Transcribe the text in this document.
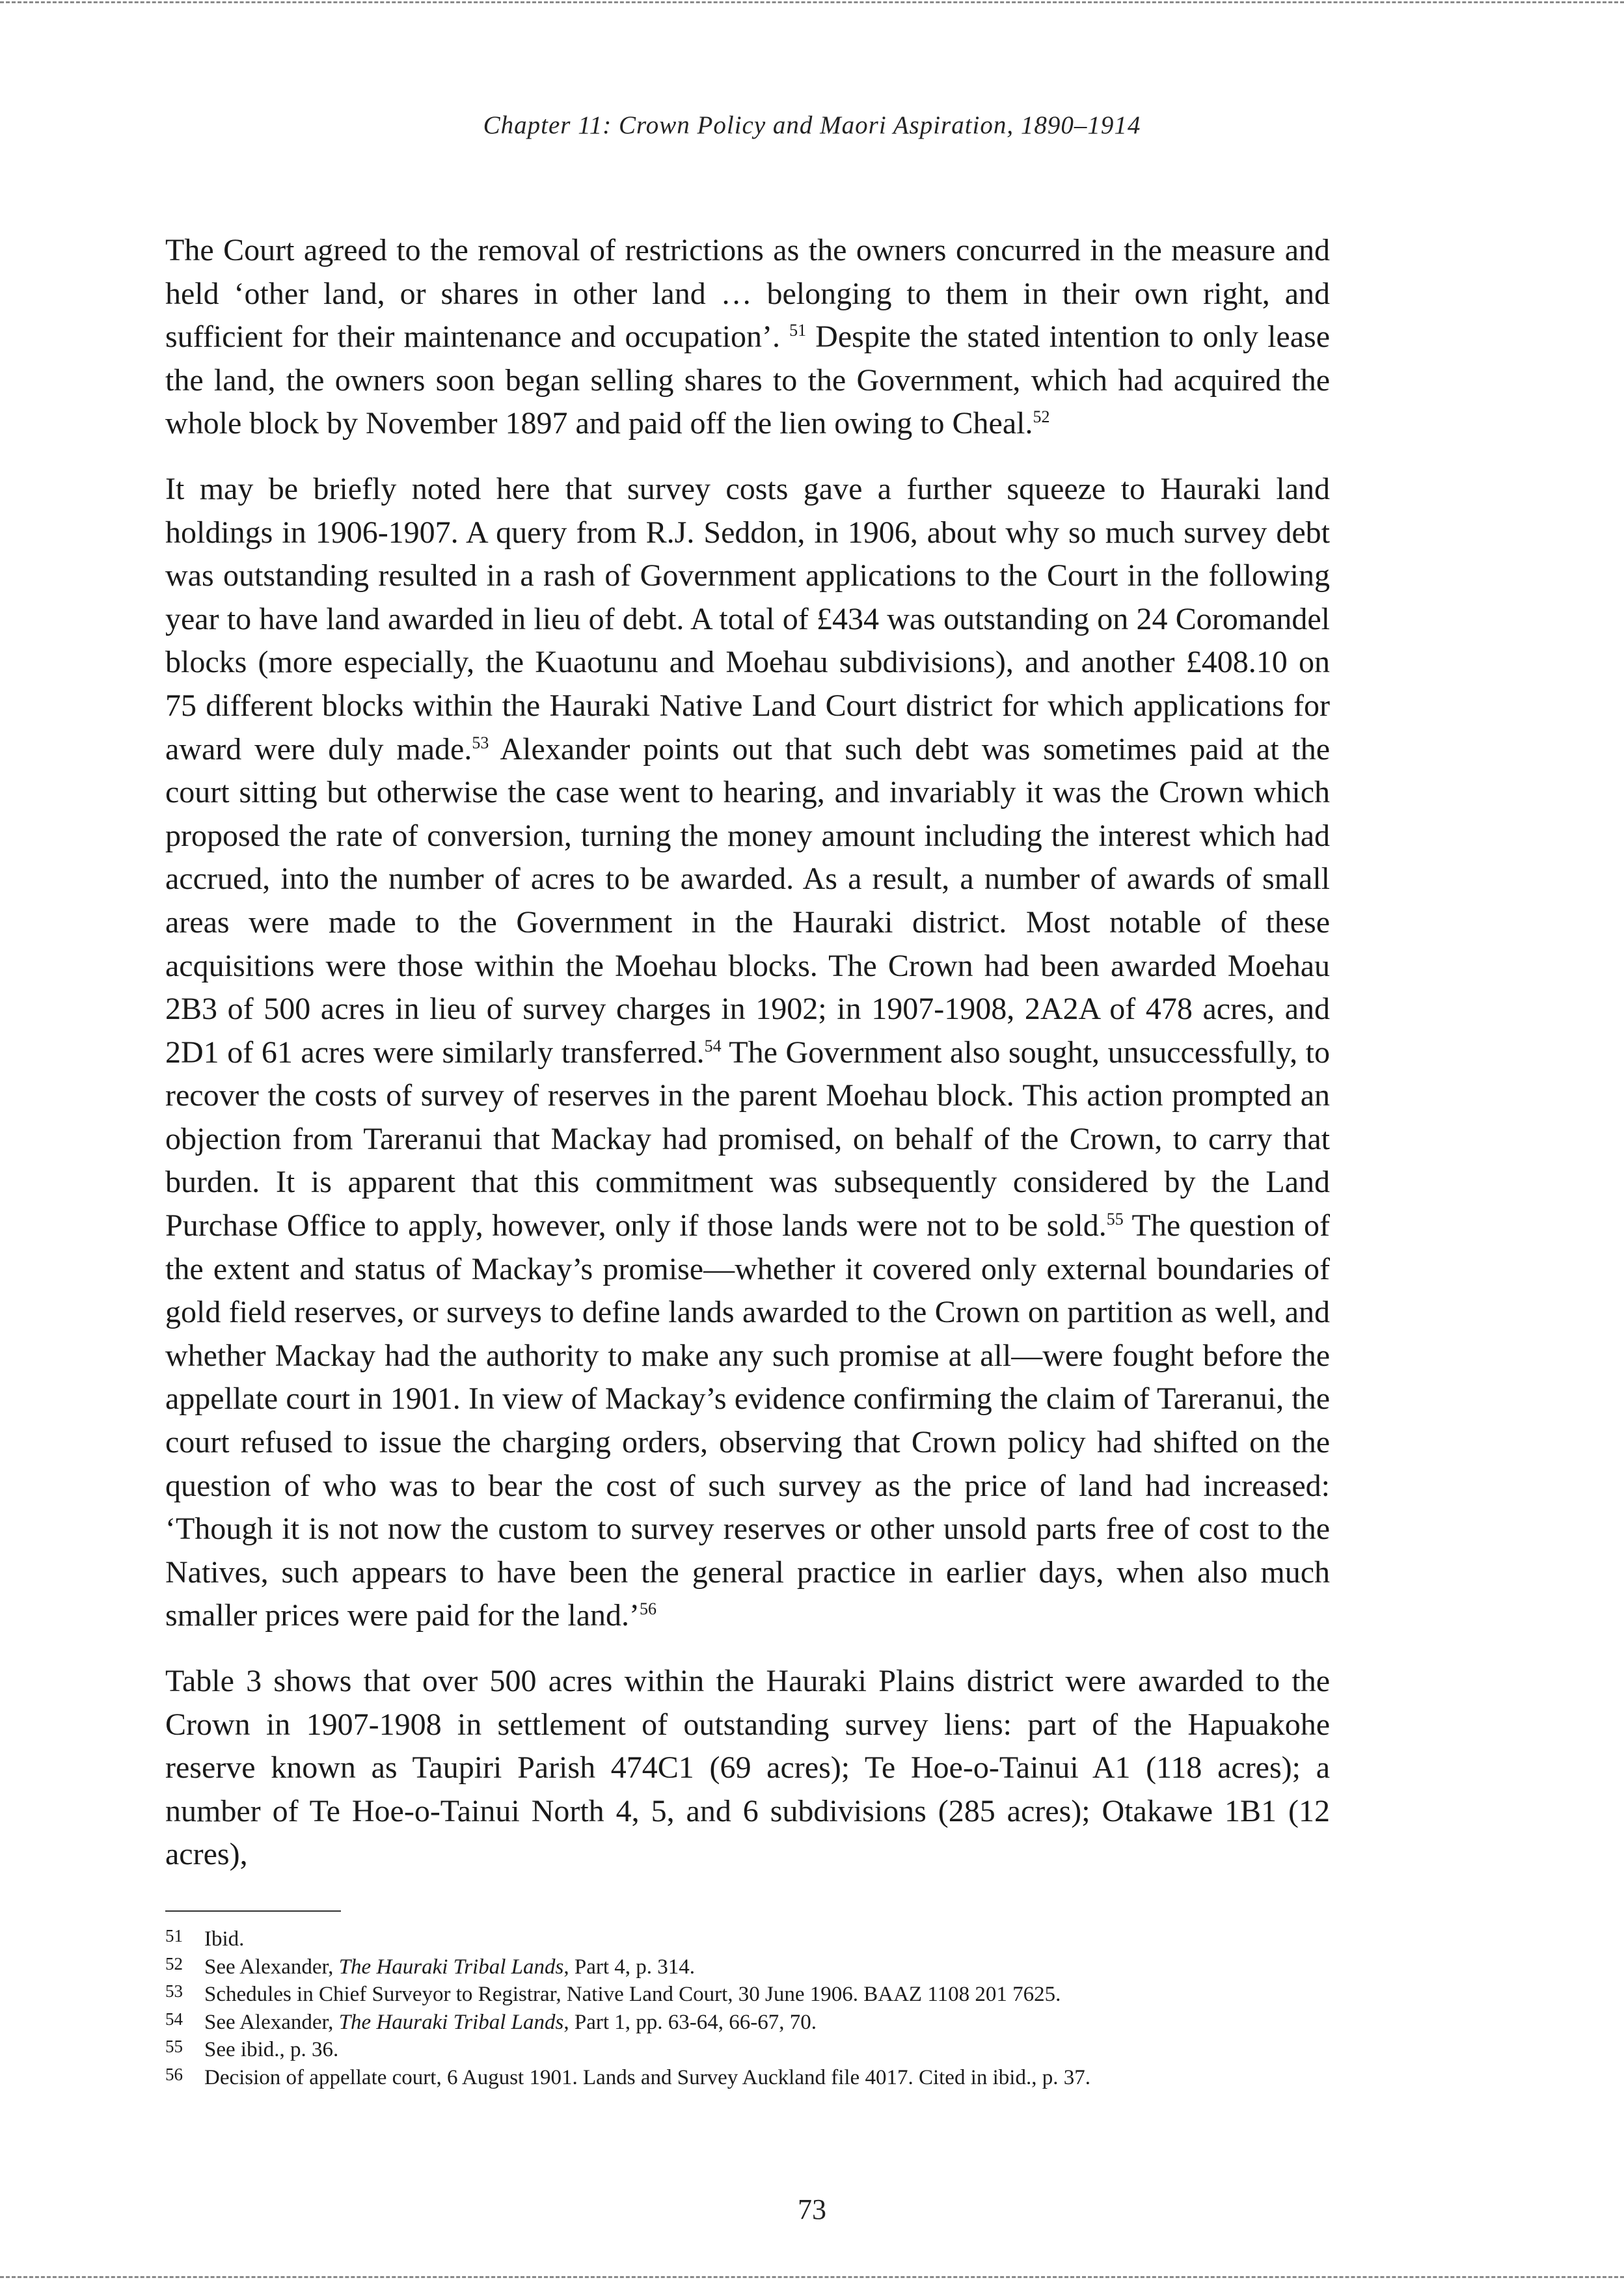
Chapter 11: Crown Policy and Maori Aspiration, 1890–1914

The Court agreed to the removal of restrictions as the owners concurred in the measure and held ‘other land, or shares in other land … belonging to them in their own right, and sufficient for their maintenance and occupation’. $^{51}$ Despite the stated intention to only lease the land, the owners soon began selling shares to the Government, which had acquired the whole block by November 1897 and paid off the lien owing to Cheal.$^{52}$

It may be briefly noted here that survey costs gave a further squeeze to Hauraki land holdings in 1906-1907. A query from R.J. Seddon, in 1906, about why so much survey debt was outstanding resulted in a rash of Government applications to the Court in the following year to have land awarded in lieu of debt. A total of £434 was outstanding on 24 Coromandel blocks (more especially, the Kuaotunu and Moehau subdivisions), and another £408.10 on 75 different blocks within the Hauraki Native Land Court district for which applications for award were duly made.$^{53}$ Alexander points out that such debt was sometimes paid at the court sitting but otherwise the case went to hearing, and invariably it was the Crown which proposed the rate of conversion, turning the money amount including the interest which had accrued, into the number of acres to be awarded. As a result, a number of awards of small areas were made to the Government in the Hauraki district. Most notable of these acquisitions were those within the Moehau blocks. The Crown had been awarded Moehau 2B3 of 500 acres in lieu of survey charges in 1902; in 1907-1908, 2A2A of 478 acres, and 2D1 of 61 acres were similarly transferred.$^{54}$ The Government also sought, unsuccessfully, to recover the costs of survey of reserves in the parent Moehau block. This action prompted an objection from Tareranui that Mackay had promised, on behalf of the Crown, to carry that burden. It is apparent that this commitment was subsequently considered by the Land Purchase Office to apply, however, only if those lands were not to be sold.$^{55}$ The question of the extent and status of Mackay’s promise—whether it covered only external boundaries of gold field reserves, or surveys to define lands awarded to the Crown on partition as well, and whether Mackay had the authority to make any such promise at all—were fought before the appellate court in 1901. In view of Mackay’s evidence confirming the claim of Tareranui, the court refused to issue the charging orders, observing that Crown policy had shifted on the question of who was to bear the cost of such survey as the price of land had increased: ‘Though it is not now the custom to survey reserves or other unsold parts free of cost to the Natives, such appears to have been the general practice in earlier days, when also much smaller prices were paid for the land.’$^{56}$

Table 3 shows that over 500 acres within the Hauraki Plains district were awarded to the Crown in 1907-1908 in settlement of outstanding survey liens: part of the Hapuakohe reserve known as Taupiri Parish 474C1 (69 acres); Te Hoe-o-Tainui A1 (118 acres); a number of Te Hoe-o-Tainui North 4, 5, and 6 subdivisions (285 acres); Otakawe 1B1 (12 acres),

51	Ibid.
52	See Alexander, The Hauraki Tribal Lands, Part 4, p. 314.
53	Schedules in Chief Surveyor to Registrar, Native Land Court, 30 June 1906. BAAZ 1108 201 7625.
54	See Alexander, The Hauraki Tribal Lands, Part 1, pp. 63-64, 66-67, 70.
55	See ibid., p. 36.
56	Decision of appellate court, 6 August 1901. Lands and Survey Auckland file 4017. Cited in ibid., p. 37.
73
